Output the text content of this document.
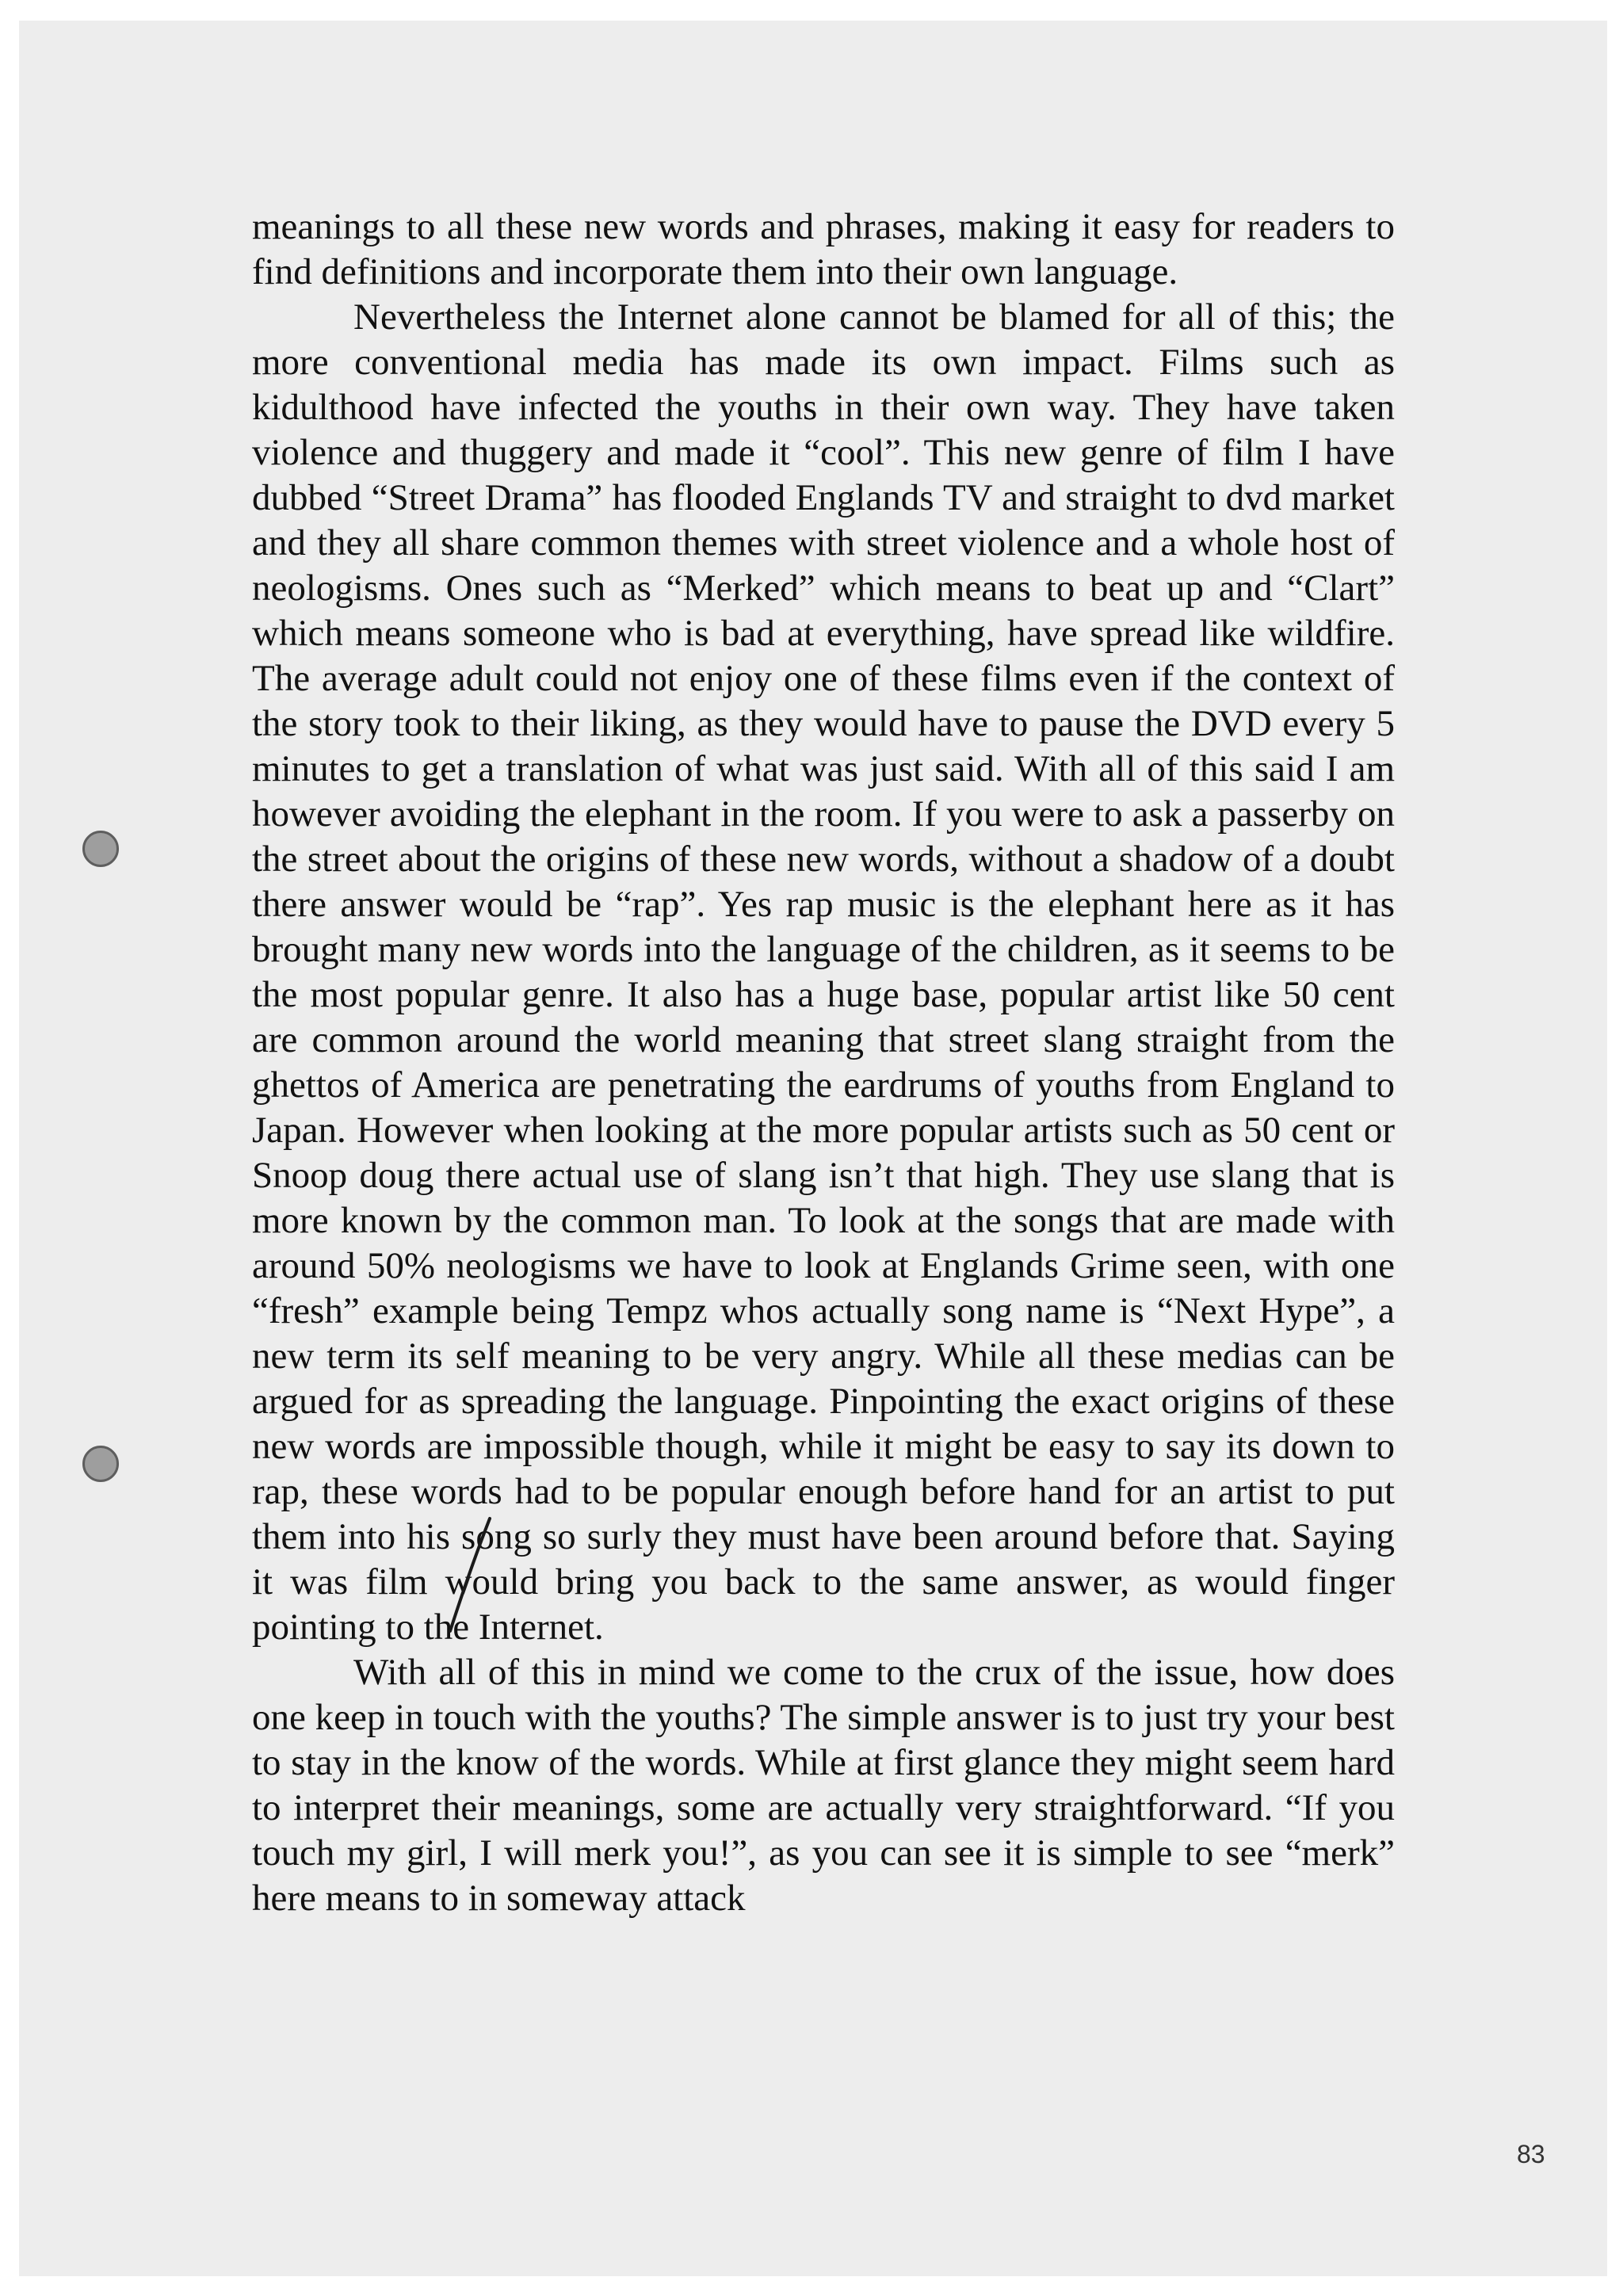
meanings to all these new words and phrases, making it easy for readers to find definitions and incorporate them into their own language.

Nevertheless the Internet alone cannot be blamed for all of this; the more conventional media has made its own impact. Films such as kidulthood have infected the youths in their own way. They have taken violence and thuggery and made it “cool”. This new genre of film I have dubbed “Street Drama” has flooded Englands TV and straight to dvd market and they all share common themes with street violence and a whole host of neologisms. Ones such as “Merked” which means to beat up and “Clart” which means someone who is bad at everything, have spread like wildfire. The average adult could not enjoy one of these films even if the context of the story took to their liking, as they would have to pause the DVD every 5 minutes to get a translation of what was just said. With all of this said I am however avoiding the elephant in the room. If you were to ask a passerby on the street about the origins of these new words, without a shadow of a doubt there answer would be “rap”. Yes rap music is the elephant here as it has brought many new words into the language of the children, as it seems to be the most popular genre. It also has a huge base, popular artist like 50 cent are common around the world meaning that street slang straight from the ghettos of America are penetrating the eardrums of youths from England to Japan. However when looking at the more popular artists such as 50 cent or Snoop doug there actual use of slang isn’t that high. They use slang that is more known by the common man. To look at the songs that are made with around 50% neologisms we have to look at Englands Grime seen, with one “fresh” example being Tempz whos actually song name is “Next Hype”, a new term its self meaning to be very angry. While all these medias can be argued for as spreading the language. Pinpointing the exact origins of these new words are impossible though, while it might be easy to say its down to rap, these words had to be popular enough before hand for an artist to put them into his song so surly they must have been around before that. Saying it was film would bring you back to the same answer, as would finger pointing to the Internet.

With all of this in mind we come to the crux of the issue, how does one keep in touch with the youths? The simple answer is to just try your best to stay in the know of the words. While at first glance they might seem hard to interpret their meanings, some are actually very straightforward. “If you touch my girl, I will merk you!”, as you can see it is simple to see “merk” here means to in someway attack

83
